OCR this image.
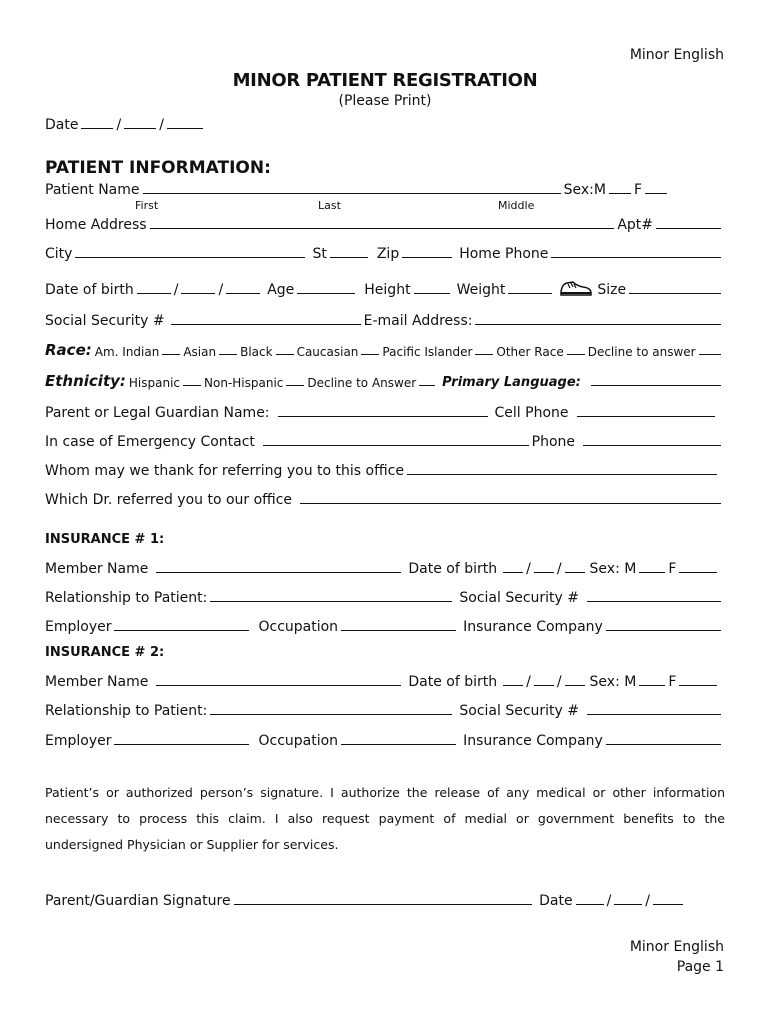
Minor English
MINOR PATIENT REGISTRATION
(Please Print)
Date	/	/
PATIENT INFORMATION:
Patient Name	Sex:M F
First	Last	Middle
Home Address	Apt#
City	St	Zip	Home Phone
Date of birth	/	/	Age	Height	Weight	Size
Social Security #	E-mail Address:
Race: Am. Indian Asian Black Caucasian Pacific Islander Other Race Decline to answer
Ethnicity: Hispanic Non-Hispanic Decline to Answer Primary Language:
Parent or Legal Guardian Name:	Cell Phone
In case of Emergency Contact	Phone
Whom may we thank for referring you to this office
Which Dr. referred you to our office
INSURANCE # 1:
Member Name	Date of birth / / Sex: M F
Relationship to Patient:	Social Security #
Employer	Occupation	Insurance Company
INSURANCE # 2:
Member Name	Date of birth / / Sex: M F
Relationship to Patient:	Social Security #
Employer	Occupation	Insurance Company
Patient’s or authorized person’s signature. I authorize the release of any medical or other information necessary to process this claim. I also request payment of medial or government benefits to the undersigned Physician or Supplier for services.
Parent/Guardian Signature	Date / /
Minor English
Page 1
